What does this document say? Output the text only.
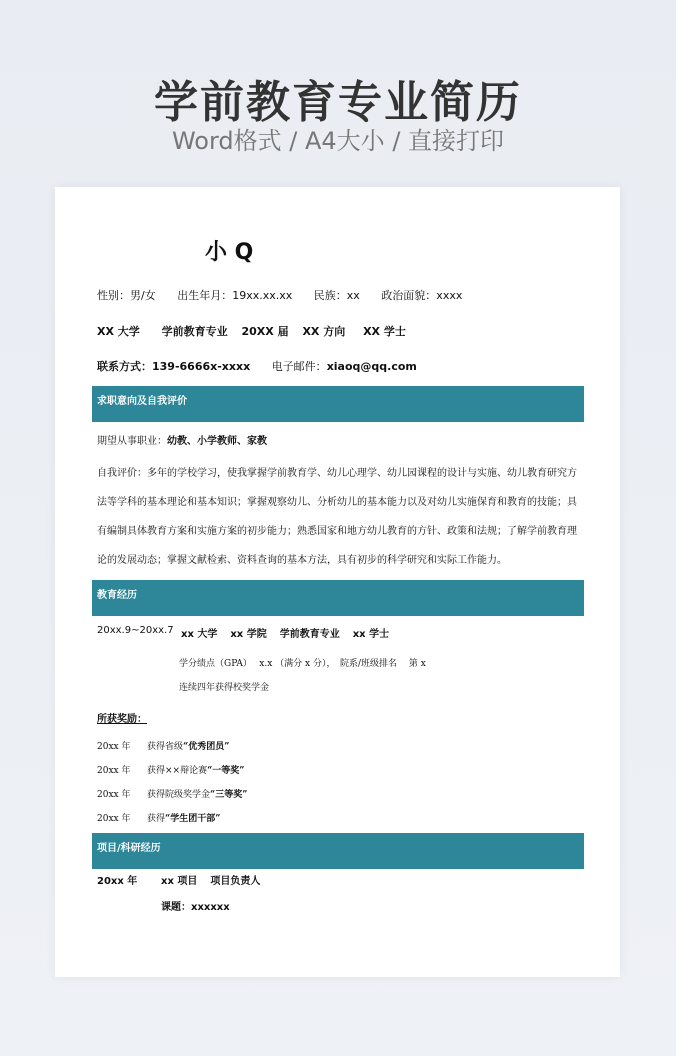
学前教育专业简历
Word格式 / A4大小 / 直接打印
小 Q
性别：男/女 出生年月：19xx.xx.xx 民族：xx 政治面貌：xxxx
XX 大学 学前教育专业 20XX 届 XX 方向 XX 学士
联系方式：139-6666x-xxxx 电子邮件：xiaoq@qq.com
求职意向及自我评价
期望从事职业：幼教、小学教师、家教
自我评价：多年的学校学习，使我掌握学前教育学、幼儿心理学、幼儿园课程的设计与实施、幼儿教育研究方法等学科的基本理论和基本知识；掌握观察幼儿、分析幼儿的基本能力以及对幼儿实施保育和教育的技能；具有编制具体教育方案和实施方案的初步能力；熟悉国家和地方幼儿教育的方针、政策和法规；了解学前教育理论的发展动态；掌握文献检索、资料查询的基本方法，具有初步的科学研究和实际工作能力。
教育经历
20xx.9~20xx.7 xx 大学 xx 学院 学前教育专业 xx 学士
学分绩点（GPA）　 x.x （满分 x 分），　院系/班级排名　 第 x
连续四年获得校奖学金
所获奖励：
20xx 年 获得省级“优秀团员”
20xx 年 获得××辩论赛“一等奖”
20xx 年 获得院级奖学金“三等奖”
20xx 年 获得“学生团干部”
项目/科研经历
20xx 年 xx 项目 项目负责人
课题：xxxxxx
